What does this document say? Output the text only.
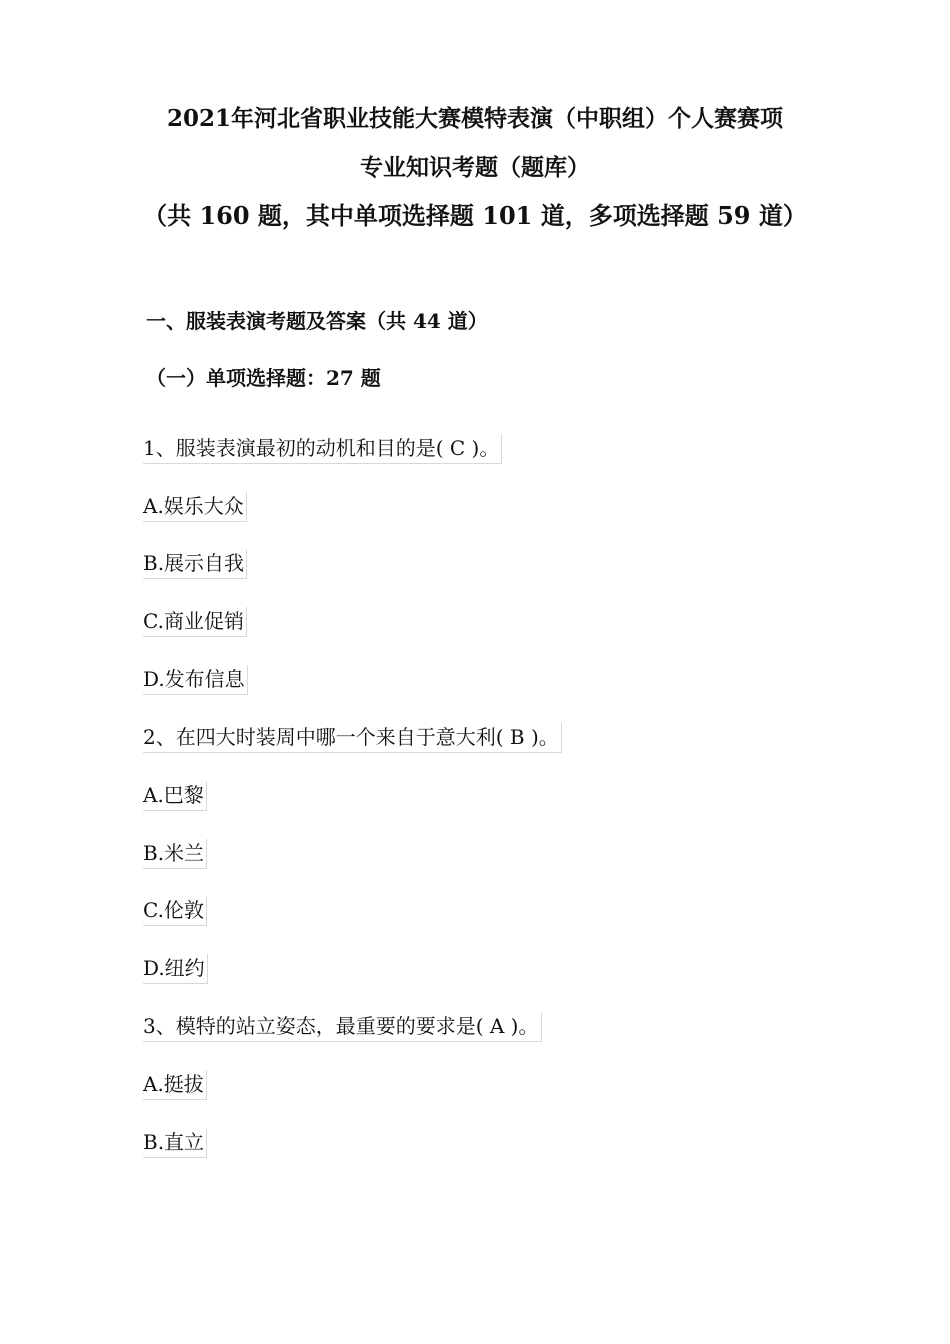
2021年河北省职业技能大赛模特表演（中职组）个人赛赛项
专业知识考题（题库）
（共 160 题，其中单项选择题 101 道，多项选择题 59 道）
一、服装表演考题及答案（共 44 道）
（一）单项选择题：27 题
1、服装表演最初的动机和目的是( C )。
A.娱乐大众
B.展示自我
C.商业促销
D.发布信息
2、在四大时装周中哪一个来自于意大利( B )。
A.巴黎
B.米兰
C.伦敦
D.纽约
3、模特的站立姿态，最重要的要求是( A )。
A.挺拔
B.直立
